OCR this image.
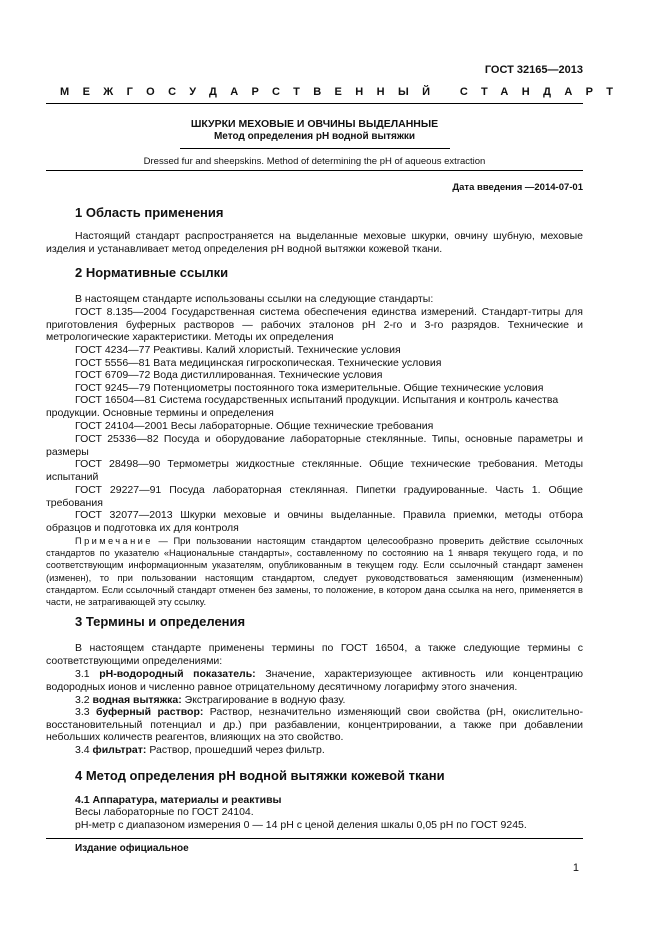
ГОСТ 32165—2013
МЕЖГОСУДАРСТВЕННЫЙ СТАНДАРТ
ШКУРКИ МЕХОВЫЕ И ОВЧИНЫ ВЫДЕЛАННЫЕ
Метод определения pH водной вытяжки
Dressed fur and sheepskins. Method of determining the pH of aqueous extraction
Дата введения —2014-07-01
1 Область применения
Настоящий стандарт распространяется на выделанные меховые шкурки, овчину шубную, меховые изделия и устанавливает метод определения pH водной вытяжки кожевой ткани.
2 Нормативные ссылки
В настоящем стандарте использованы ссылки на следующие стандарты:
ГОСТ 8.135—2004 Государственная система обеспечения единства измерений. Стандарт-титры для приготовления буферных растворов — рабочих эталонов pH 2-го и 3-го разрядов. Технические и метрологические характеристики. Методы их определения
ГОСТ 4234—77 Реактивы. Калий хлористый. Технические условия
ГОСТ 5556—81 Вата медицинская гигроскопическая. Технические условия
ГОСТ 6709—72 Вода дистиллированная. Технические условия
ГОСТ 9245—79 Потенциометры постоянного тока измерительные. Общие технические условия
ГОСТ 16504—81 Система государственных испытаний продукции. Испытания и контроль качества продукции. Основные термины и определения
ГОСТ 24104—2001 Весы лабораторные. Общие технические требования
ГОСТ 25336—82 Посуда и оборудование лабораторные стеклянные. Типы, основные параметры и размеры
ГОСТ 28498—90 Термометры жидкостные стеклянные. Общие технические требования. Методы испытаний
ГОСТ 29227—91 Посуда лабораторная стеклянная. Пипетки градуированные. Часть 1. Общие требования
ГОСТ 32077—2013 Шкурки меховые и овчины выделанные. Правила приемки, методы отбора образцов и подготовка их для контроля
Примечание — При пользовании настоящим стандартом целесообразно проверить действие ссылочных стандартов по указателю «Национальные стандарты», составленному по состоянию на 1 января текущего года, и по соответствующим информационным указателям, опубликованным в текущем году. Если ссылочный стандарт заменен (изменен), то при пользовании настоящим стандартом, следует руководствоваться заменяющим (измененным) стандартом. Если ссылочный стандарт отменен без замены, то положение, в котором дана ссылка на него, применяется в части, не затрагивающей эту ссылку.
3 Термины и определения
В настоящем стандарте применены термины по ГОСТ 16504, а также следующие термины с соответствующими определениями:
3.1 pH-водородный показатель: Значение, характеризующее активность или концентрацию водородных ионов и численно равное отрицательному десятичному логарифму этого значения.
3.2 водная вытяжка: Экстрагирование в водную фазу.
3.3 буферный раствор: Раствор, незначительно изменяющий свои свойства (pH, окислительно-восстановительный потенциал и др.) при разбавлении, концентрировании, а также при добавлении небольших количеств реагентов, влияющих на это свойство.
3.4 фильтрат: Раствор, прошедший через фильтр.
4 Метод определения pH водной вытяжки кожевой ткани
4.1 Аппаратура, материалы и реактивы
Весы лабораторные по ГОСТ 24104.
pH-метр с диапазоном измерения 0 — 14 pH с ценой деления шкалы 0,05 pH по ГОСТ 9245.
Издание официальное
1
